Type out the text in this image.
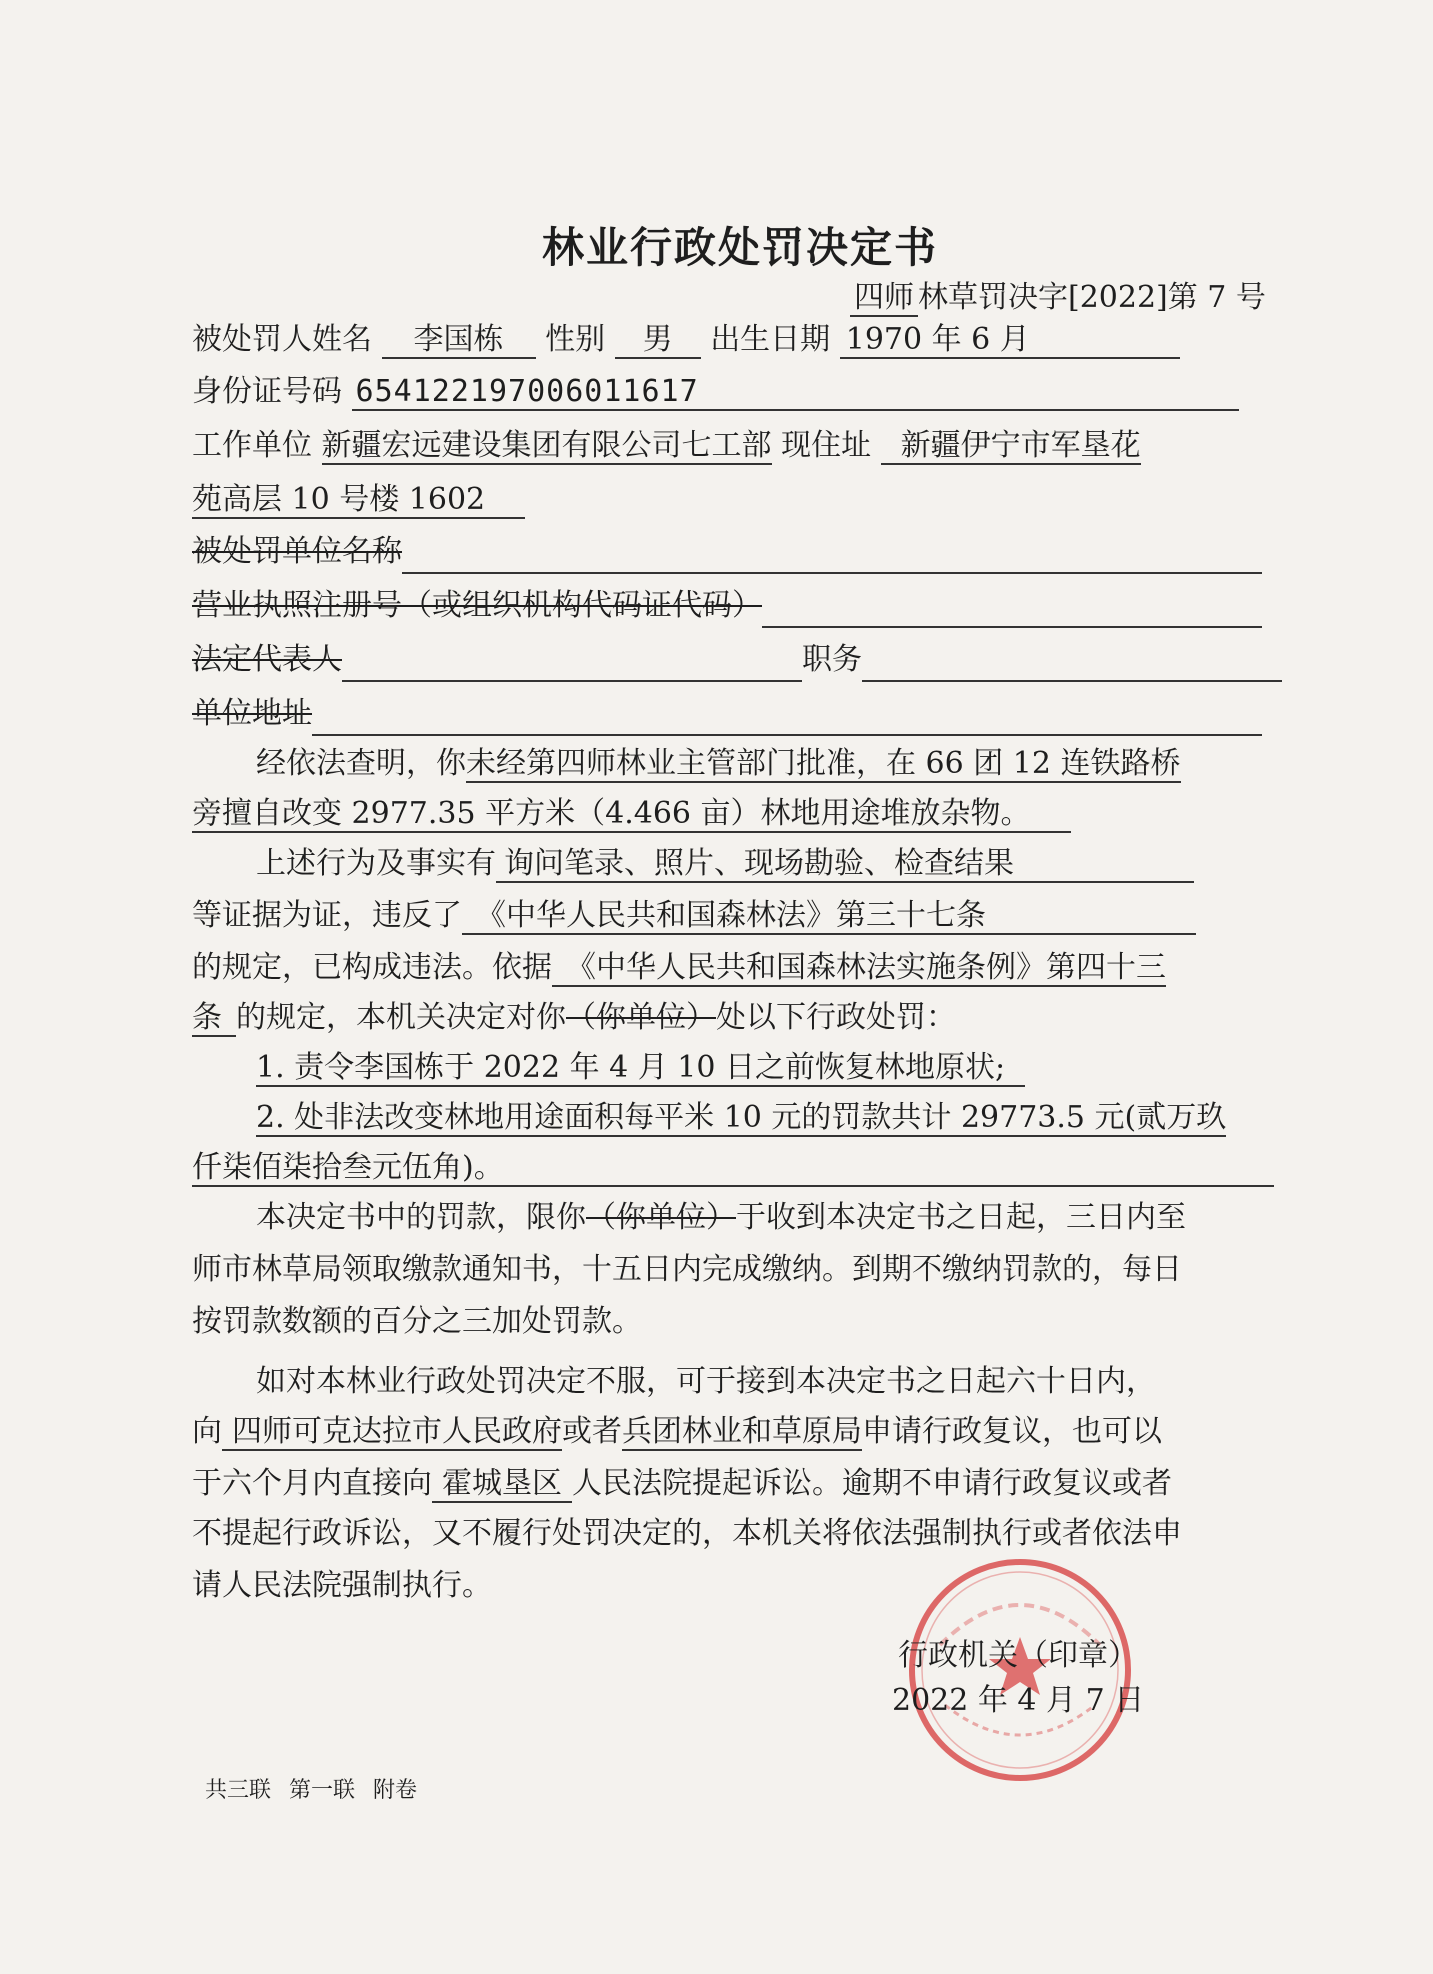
林业行政处罚决定书
四师 林草罚决字[2022]第 7 号
被处罚人姓名 李国栋 性别 男 出生日期 1970 年 6 月
身份证号码 654122197006011617
工作单位 新疆宏远建设集团有限公司七工部 现住址 新疆伊宁市军垦花
苑高层 10 号楼 1602
被处罚单位名称
营业执照注册号（或组织机构代码证代码）
法定代表人	职务
单位地址
经依法查明，你未经第四师林业主管部门批准，在 66 团 12 连铁路桥
旁擅自改变 2977.35 平方米（4.466 亩）林地用途堆放杂物。
上述行为及事实有 询问笔录、照片、现场勘验、检查结果
等证据为证，违反了 《中华人民共和国森林法》第三十七条
的规定，已构成违法。依据 《中华人民共和国森林法实施条例》第四十三
条 的规定，本机关决定对你（你单位）处以下行政处罚：
1. 责令李国栋于 2022 年 4 月 10 日之前恢复林地原状;
2. 处非法改变林地用途面积每平米 10 元的罚款共计 29773.5 元(贰万玖
仟柒佰柒拾叁元伍角)。
本决定书中的罚款，限你（你单位）于收到本决定书之日起，三日内至
师市林草局领取缴款通知书，十五日内完成缴纳。到期不缴纳罚款的，每日
按罚款数额的百分之三加处罚款。
如对本林业行政处罚决定不服，可于接到本决定书之日起六十日内，
向 四师可克达拉市人民政府或者兵团林业和草原局申请行政复议，也可以
于六个月内直接向 霍城垦区 人民法院提起诉讼。逾期不申请行政复议或者
不提起行政诉讼，又不履行处罚决定的，本机关将依法强制执行或者依法申
请人民法院强制执行。
行政机关（印章）
2022 年 4 月 7 日
共三联 第一联 附卷
